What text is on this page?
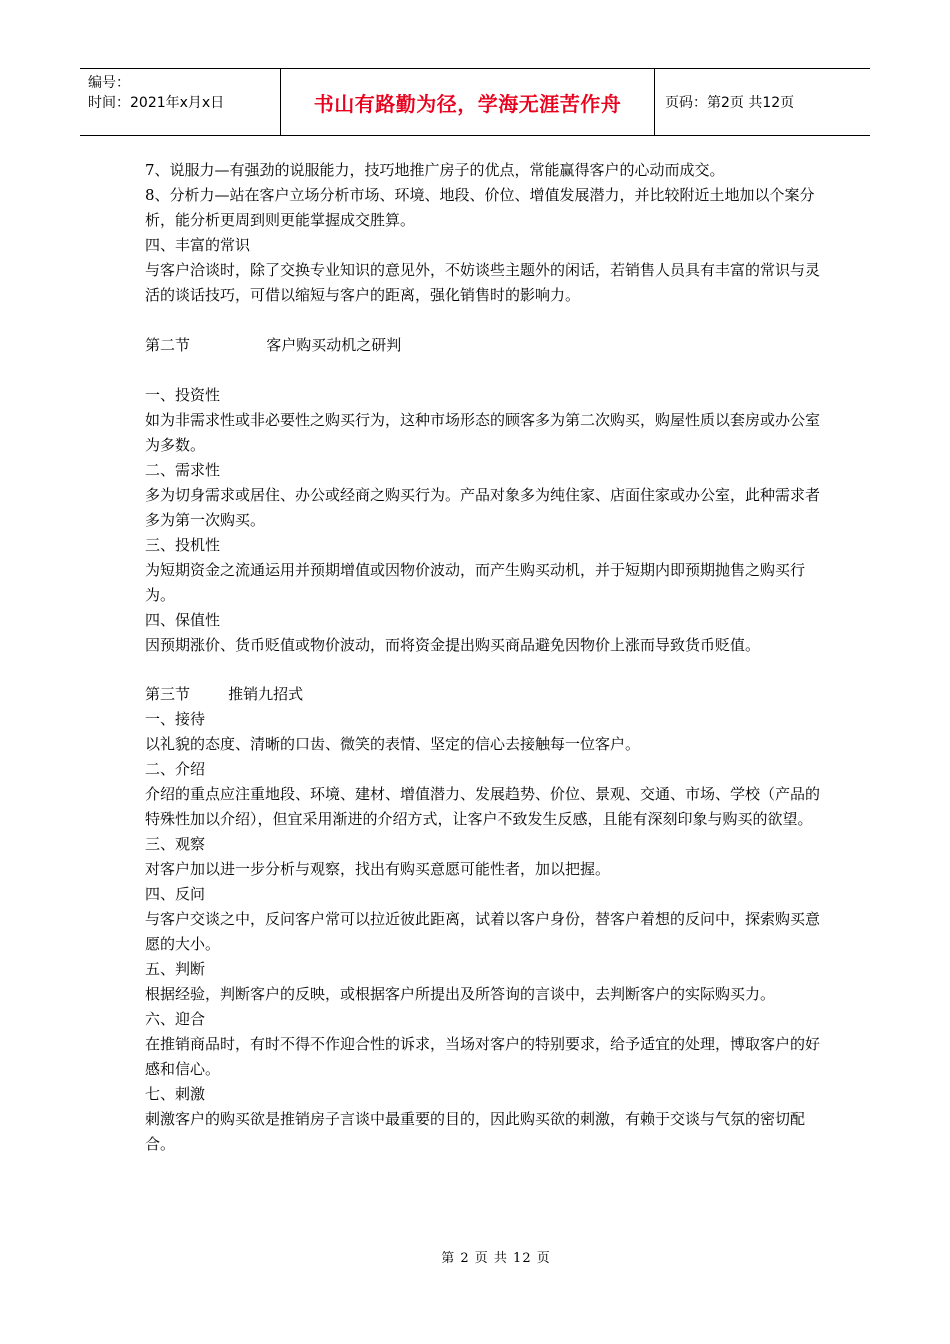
编号：
时间：2021年x月x日	书山有路勤为径，学海无涯苦作舟	页码：第2页 共12页

7、说服力—有强劲的说服能力，技巧地推广房子的优点，常能赢得客户的心动而成交。

8、分析力—站在客户立场分析市场、环境、地段、价位、增值发展潜力，并比较附近土地加以个案分析，能分析更周到则更能掌握成交胜算。

四、丰富的常识

与客户洽谈时，除了交换专业知识的意见外，不妨谈些主题外的闲话，若销售人员具有丰富的常识与灵活的谈话技巧，可借以缩短与客户的距离，强化销售时的影响力。

第二节                客户购买动机之研判

一、投资性

如为非需求性或非必要性之购买行为，这种市场形态的顾客多为第二次购买，购屋性质以套房或办公室为多数。

二、需求性

多为切身需求或居住、办公或经商之购买行为。产品对象多为纯住家、店面住家或办公室，此种需求者多为第一次购买。

三、投机性

为短期资金之流通运用并预期增值或因物价波动，而产生购买动机，并于短期内即预期抛售之购买行为。

四、保值性

因预期涨价、货币贬值或物价波动，而将资金提出购买商品避免因物价上涨而导致货币贬值。

第三节        推销九招式

一、接待

以礼貌的态度、清晰的口齿、微笑的表情、坚定的信心去接触每一位客户。

二、介绍

介绍的重点应注重地段、环境、建材、增值潜力、发展趋势、价位、景观、交通、市场、学校（产品的特殊性加以介绍），但宜采用渐进的介绍方式，让客户不致发生反感，且能有深刻印象与购买的欲望。

三、观察

对客户加以进一步分析与观察，找出有购买意愿可能性者，加以把握。

四、反问

与客户交谈之中，反问客户常可以拉近彼此距离，试着以客户身份，替客户着想的反问中，探索购买意愿的大小。

五、判断

根据经验，判断客户的反映，或根据客户所提出及所答询的言谈中，去判断客户的实际购买力。

六、迎合

在推销商品时，有时不得不作迎合性的诉求，当场对客户的特别要求，给予适宜的处理，博取客户的好感和信心。

七、刺激

刺激客户的购买欲是推销房子言谈中最重要的目的，因此购买欲的刺激，有赖于交谈与气氛的密切配合。

第 2 页 共 12 页
